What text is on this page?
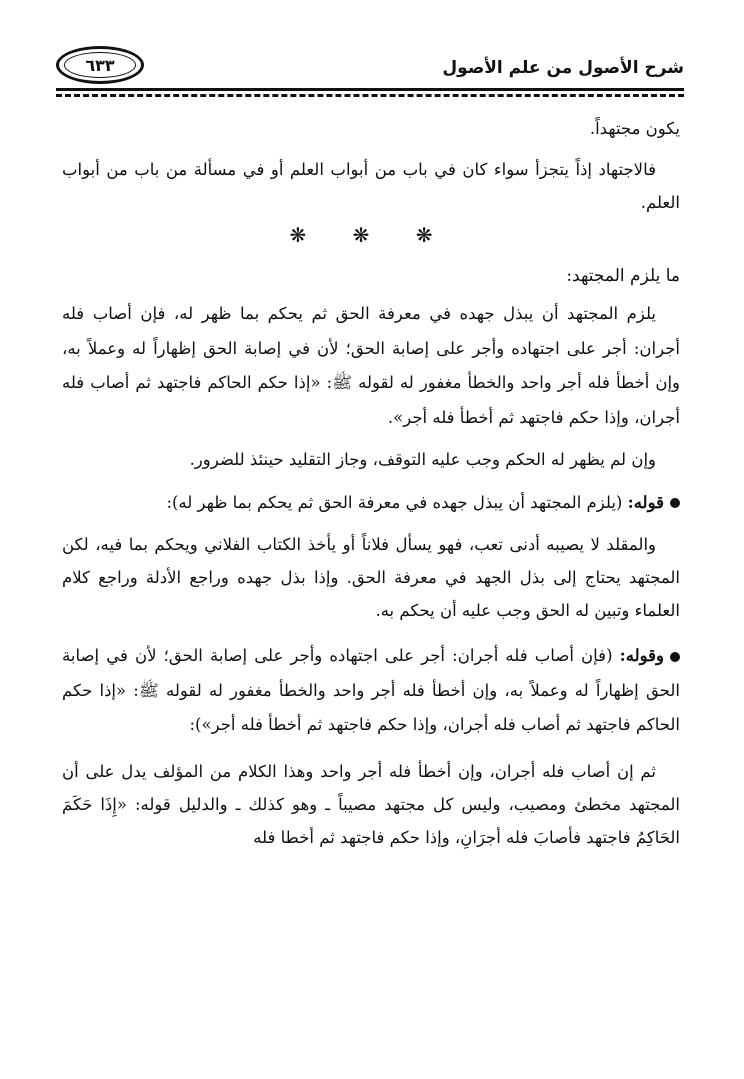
شرح الأصول من علم الأصول
٦٣٣

يكون مجتهداً.

فالاجتهاد إذاً يتجزأ سواء كان في باب من أبواب العلم أو في مسألة من باب من أبواب العلم.

❋ ❋ ❋
ما يلزم المجتهد:

يلزم المجتهد أن يبذل جهده في معرفة الحق ثم يحكم بما ظهر له، فإن أصاب فله أجران: أجر على اجتهاده وأجر على إصابة الحق؛ لأن في إصابة الحق إظهاراً له وعملاً به، وإن أخطأ فله أجر واحد والخطأ مغفور له لقوله ﷺ: «إذا حكم الحاكم فاجتهد ثم أصاب فله أجران، وإذا حكم فاجتهد ثم أخطأ فله أجر».

وإن لم يظهر له الحكم وجب عليه التوقف، وجاز التقليد حينئذ للضرور.

قوله: (يلزم المجتهد أن يبذل جهده في معرفة الحق ثم يحكم بما ظهر له):

والمقلد لا يصيبه أدنى تعب، فهو يسأل فلاناً أو يأخذ الكتاب الفلاني ويحكم بما فيه، لكن المجتهد يحتاج إلى بذل الجهد في معرفة الحق. وإذا بذل جهده وراجع الأدلة وراجع كلام العلماء وتبين له الحق وجب عليه أن يحكم به.

وقوله: (فإن أصاب فله أجران: أجر على اجتهاده وأجر على إصابة الحق؛ لأن في إصابة الحق إظهاراً له وعملاً به، وإن أخطأ فله أجر واحد والخطأ مغفور له لقوله ﷺ: «إذا حكم الحاكم فاجتهد ثم أصاب فله أجران، وإذا حكم فاجتهد ثم أخطأ فله أجر»):

ثم إن أصاب فله أجران، وإن أخطأ فله أجر واحد وهذا الكلام من المؤلف يدل على أن المجتهد مخطئ ومصيب، وليس كل مجتهد مصيباً ـ وهو كذلك ـ والدليل قوله: «إِذَا حَكَمَ الحَاكِمُ فاجتهد فأصابَ فله أجرَانِ، وإذا حكم فاجتهد ثم أخطا فله
